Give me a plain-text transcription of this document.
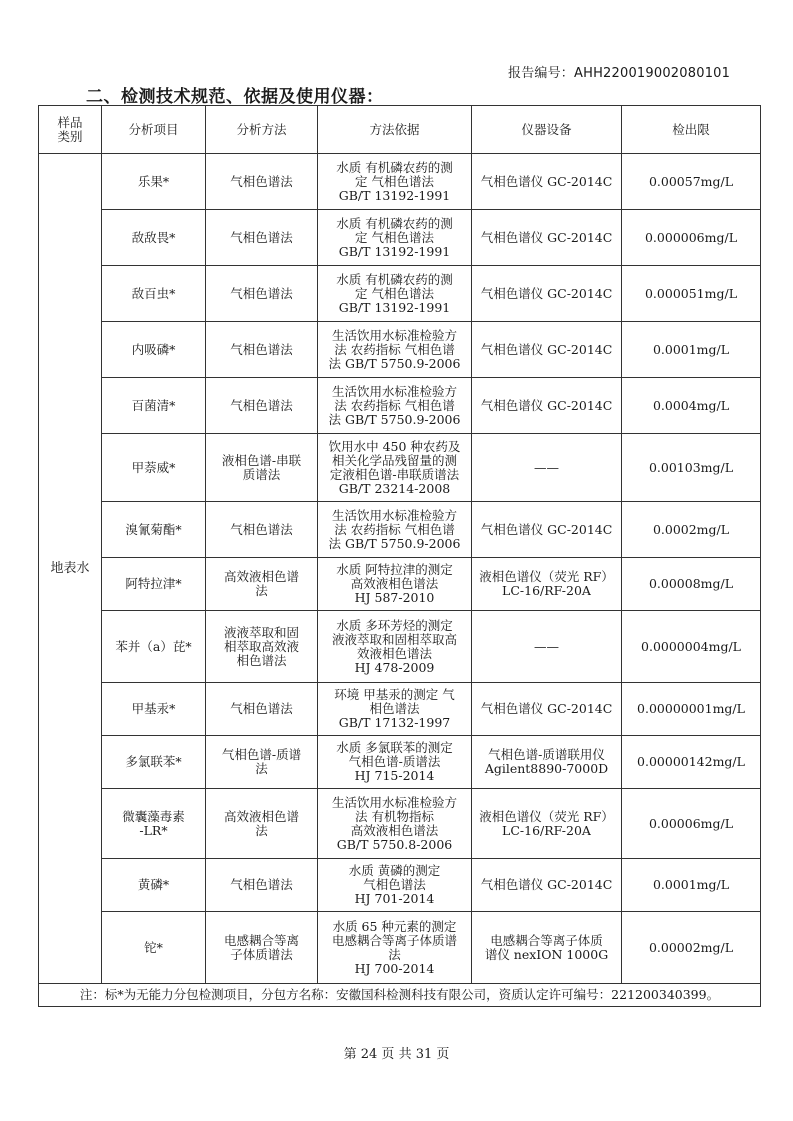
报告编号：AHH220019002080101
二、检测技术规范、依据及使用仪器：
样品
类别	分析项目	分析方法	方法依据	仪器设备	检出限
地表水	乐果*	气相色谱法	水质 有机磷农药的测
定 气相色谱法
GB/T 13192-1991	气相色谱仪 GC-2014C	0.00057mg/L
	敌敌畏*	气相色谱法	水质 有机磷农药的测
定 气相色谱法
GB/T 13192-1991	气相色谱仪 GC-2014C	0.000006mg/L
	敌百虫*	气相色谱法	水质 有机磷农药的测
定 气相色谱法
GB/T 13192-1991	气相色谱仪 GC-2014C	0.000051mg/L
	内吸磷*	气相色谱法	生活饮用水标准检验方
法 农药指标 气相色谱
法 GB/T 5750.9-2006	气相色谱仪 GC-2014C	0.0001mg/L
	百菌清*	气相色谱法	生活饮用水标准检验方
法 农药指标 气相色谱
法 GB/T 5750.9-2006	气相色谱仪 GC-2014C	0.0004mg/L
	甲萘威*	液相色谱-串联
质谱法	饮用水中 450 种农药及
相关化学品残留量的测
定液相色谱-串联质谱法
GB/T 23214-2008	——	0.00103mg/L
	溴氰菊酯*	气相色谱法	生活饮用水标准检验方
法 农药指标 气相色谱
法 GB/T 5750.9-2006	气相色谱仪 GC-2014C	0.0002mg/L
	阿特拉津*	高效液相色谱
法	水质 阿特拉津的测定
高效液相色谱法
HJ 587-2010	液相色谱仪（荧光 RF）
LC-16/RF-20A	0.00008mg/L
	苯并（a）芘*	液液萃取和固
相萃取高效液
相色谱法	水质 多环芳烃的测定
液液萃取和固相萃取高
效液相色谱法
HJ 478-2009	——	0.0000004mg/L
	甲基汞*	气相色谱法	环境 甲基汞的测定 气
相色谱法
GB/T 17132-1997	气相色谱仪 GC-2014C	0.00000001mg/L
	多氯联苯*	气相色谱-质谱
法	水质 多氯联苯的测定
气相色谱-质谱法
HJ 715-2014	气相色谱-质谱联用仪
Agilent8890-7000D	0.00000142mg/L
	微囊藻毒素
-LR*	高效液相色谱
法	生活饮用水标准检验方
法 有机物指标
高效液相色谱法
GB/T 5750.8-2006	液相色谱仪（荧光 RF）
LC-16/RF-20A	0.00006mg/L
	黄磷*	气相色谱法	水质 黄磷的测定
气相色谱法
HJ 701-2014	气相色谱仪 GC-2014C	0.0001mg/L
	铊*	电感耦合等离
子体质谱法	水质 65 种元素的测定
电感耦合等离子体质谱
法
HJ 700-2014	电感耦合等离子体质
谱仪 nexION 1000G	0.00002mg/L
注：标*为无能力分包检测项目，分包方名称：安徽国科检测科技有限公司，资质认定许可编号：221200340399。					
第 24 页 共 31 页
